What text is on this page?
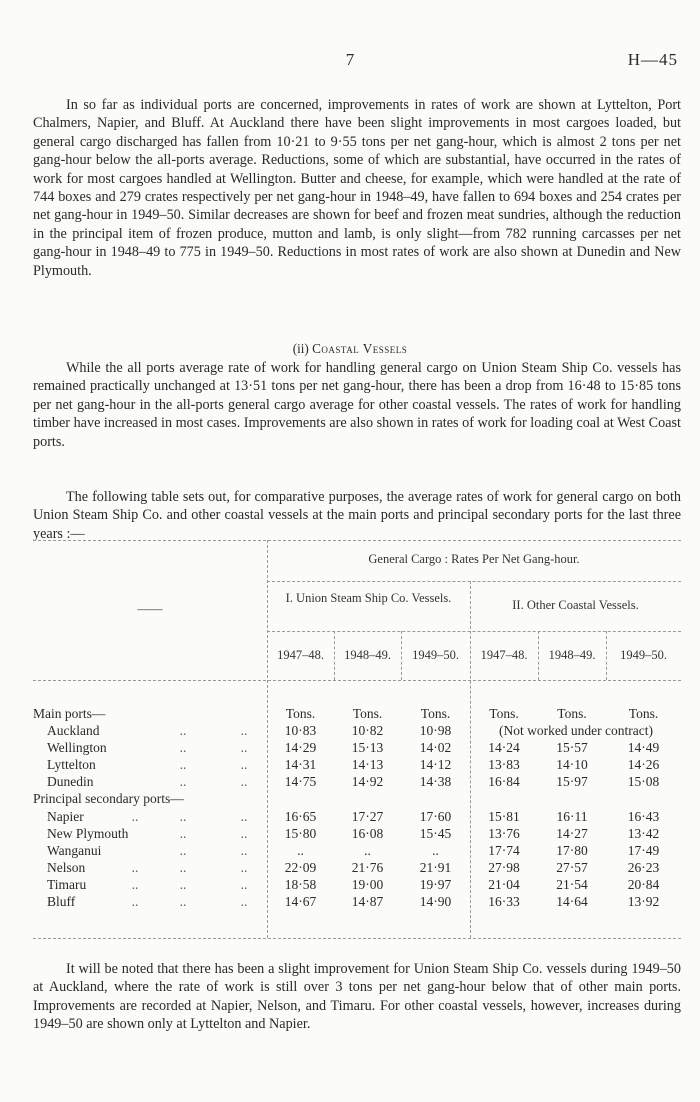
7	H—45

In so far as individual ports are concerned, improvements in rates of work are shown at Lyttelton, Port Chalmers, Napier, and Bluff. At Auckland there have been slight improvements in most cargoes loaded, but general cargo discharged has fallen from 10·21 to 9·55 tons per net gang-hour, which is almost 2 tons per net gang-hour below the all-ports average. Reductions, some of which are substantial, have occurred in the rates of work for most cargoes handled at Wellington. Butter and cheese, for example, which were handled at the rate of 744 boxes and 279 crates respectively per net gang-hour in 1948–49, have fallen to 694 boxes and 254 crates per net gang-hour in 1949–50. Similar decreases are shown for beef and frozen meat sundries, although the reduction in the principal item of frozen produce, mutton and lamb, is only slight—from 782 running carcasses per net gang-hour in 1948–49 to 775 in 1949–50. Reductions in most rates of work are also shown at Dunedin and New Plymouth.

(ii) Coastal Vessels

While the all ports average rate of work for handling general cargo on Union Steam Ship Co. vessels has remained practically unchanged at 13·51 tons per net gang-hour, there has been a drop from 16·48 to 15·85 tons per net gang-hour in the all-ports general cargo average for other coastal vessels. The rates of work for handling timber have increased in most cases. Improvements are also shown in rates of work for loading coal at West Coast ports.

The following table sets out, for comparative purposes, the average rates of work for general cargo on both Union Steam Ship Co. and other coastal vessels at the main ports and principal secondary ports for the last three years :—

——
General Cargo : Rates Per Net Gang-hour.
I. Union Steam Ship Co. Vessels.	II. Other Coastal Vessels.
1947–48.	1948–49.	1949–50.	1947–48.	1948–49.	1949–50.
Tons.	Tons.	Tons.	Tons.	Tons.	Tons.
Main ports—
Auckland	..	..	10·83	10·82	10·98	(Not worked under contract)
Wellington	..	..	14·29	15·13	14·02	14·24	15·57	14·49
Lyttelton	..	..	14·31	14·13	14·12	13·83	14·10	14·26
Dunedin	..	..	14·75	14·92	14·38	16·84	15·97	15·08
Principal secondary ports—
Napier	..	..	..	16·65	17·27	17·60	15·81	16·11	16·43
New Plymouth	..	..	15·80	16·08	15·45	13·76	14·27	13·42
Wanganui	..	..	..	..	..	17·74	17·80	17·49
Nelson	..	..	..	22·09	21·76	21·91	27·98	27·57	26·23
Timaru	..	..	..	18·58	19·00	19·97	21·04	21·54	20·84
Bluff	..	..	..	14·67	14·87	14·90	16·33	14·64	13·92

It will be noted that there has been a slight improvement for Union Steam Ship Co. vessels during 1949–50 at Auckland, where the rate of work is still over 3 tons per net gang-hour below that of other main ports. Improvements are recorded at Napier, Nelson, and Timaru. For other coastal vessels, however, increases during 1949–50 are shown only at Lyttelton and Napier.
